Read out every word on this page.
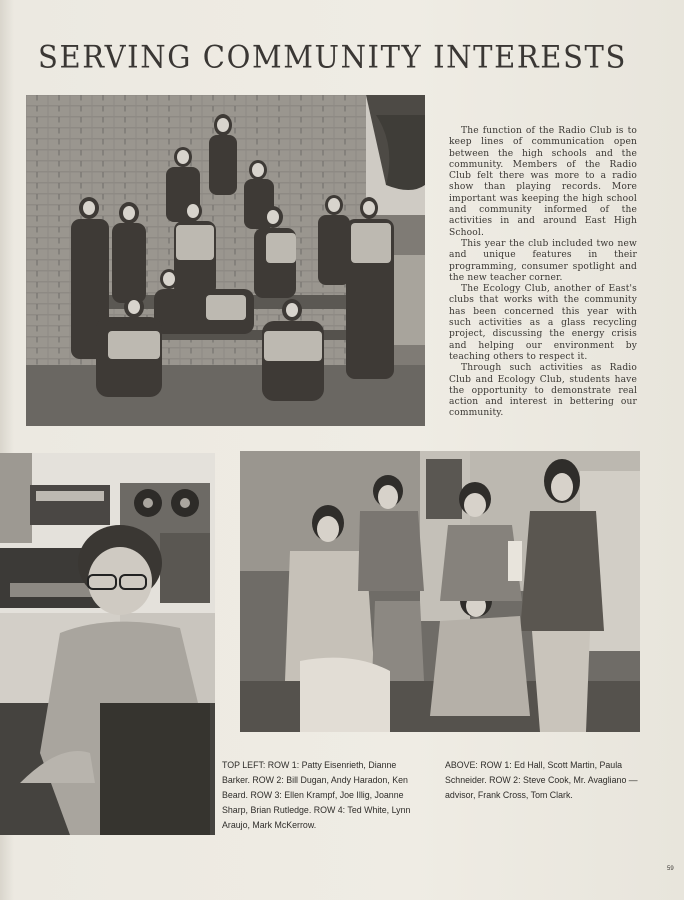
SERVING COMMUNITY INTERESTS

The function of the Radio Club is to keep lines of communication open between the high schools and the community. Members of the Radio Club felt there was more to a radio show than playing records. More important was keeping the high school and community informed of the activities in and around East High School.

This year the club included two new and unique features in their programming, consumer spotlight and the new teacher corner.

The Ecology Club, another of East's clubs that works with the community has been concerned this year with such activities as a glass recycling project, discussing the energy crisis and helping our environment by teaching others to respect it.

Through such activities as Radio Club and Ecology Club, students have the opportunity to demonstrate real action and interest in bettering our community.

TOP LEFT: ROW 1: Patty Eisenrieth, Dianne Barker. ROW 2: Bill Dugan, Andy Haradon, Ken Beard. ROW 3: Ellen Krampf, Joe Illig, Joanne Sharp, Brian Rutledge. ROW 4: Ted White, Lynn Araujo, Mark McKerrow.
ABOVE: ROW 1: Ed Hall, Scott Martin, Paula Schneider. ROW 2: Steve Cook, Mr. Avagliano — advisor, Frank Cross, Tom Clark.
59
